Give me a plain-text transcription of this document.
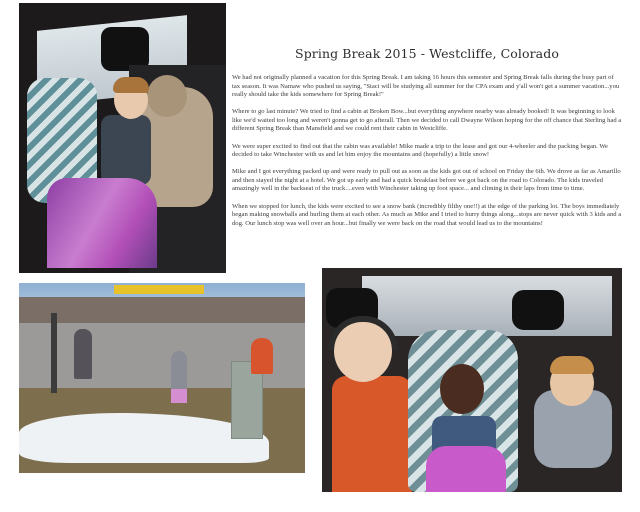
Spring Break 2015 - Westcliffe, Colorado

We had not originally planned a vacation for this Spring Break. I am taking 16 hours this semester and Spring Break falls during the busy part of tax season. It was Namaw who pushed us saying, "Staci will be studying all summer for the CPA exam and y'all won't get a summer vacation...you really should take the kids somewhere for Spring Break!"

Where to go last minute? We tried to find a cabin at Broken Bow...but everything anywhere nearby was already booked! It was beginning to look like we'd waited too long and weren't gonna get to go afterall. Then we decided to call Dwayne Wilson hoping for the off chance that Sterling had a different Spring Break than Mansfield and we could rent their cabin in Westcliffe.

We were super excited to find out that the cabin was available! Mike made a trip to the lease and got our 4-wheeler and the packing began. We decided to take Winchester with us and let him enjoy the mountains and (hopefully) a little snow!

Mike and I got everything packed up and were ready to pull out as soon as the kids got out of school on Friday the 6th. We drove as far as Amarillo and then stayed the night at a hotel. We got up early and had a quick breakfast before we got back on the road to Colorado. The kids traveled amazingly well in the backseat of the truck....even with Winchester taking up foot space... and climing in their laps from time to time.

When we stopped for lunch, the kids were excited to see a snow bank (incredibly filthy one!!) at the edge of the parking lot. The boys immediately began making snowballs and hurling them at each other. As much as Mike and I tried to hurry things along...stops are never quick with 3 kids and a dog. Our lunch stop was well over an hour...but finally we were back on the road that would lead us to the mountains!
